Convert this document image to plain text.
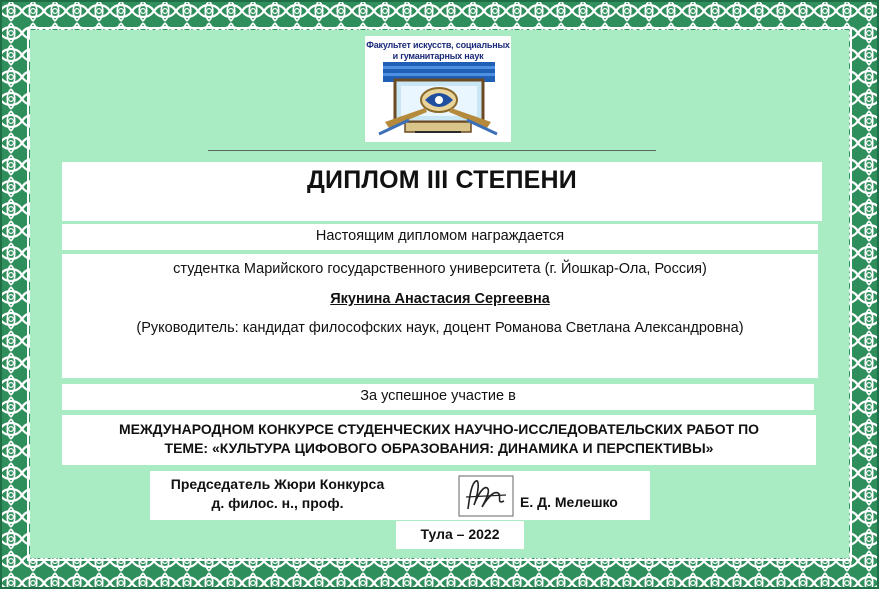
Факультет искусств, социальных
и гуманитарных наук
ДИПЛОМ III СТЕПЕНИ
Настоящим дипломом награждается
студентка Марийского государственного университета (г. Йошкар-Ола, Россия)
Якунина Анастасия Сергеевна
(Руководитель: кандидат философских наук, доцент Романова Светлана Александровна)
За успешное участие в
МЕЖДУНАРОДНОМ КОНКУРСЕ СТУДЕНЧЕСКИХ НАУЧНО-ИССЛЕДОВАТЕЛЬСКИХ РАБОТ ПО
ТЕМЕ: «КУЛЬТУРА ЦИФОВОГО ОБРАЗОВАНИЯ: ДИНАМИКА И ПЕРСПЕКТИВЫ»
Председатель Жюри Конкурса
д. филос. н., проф.	Е. Д. Мелешко
Тула – 2022
